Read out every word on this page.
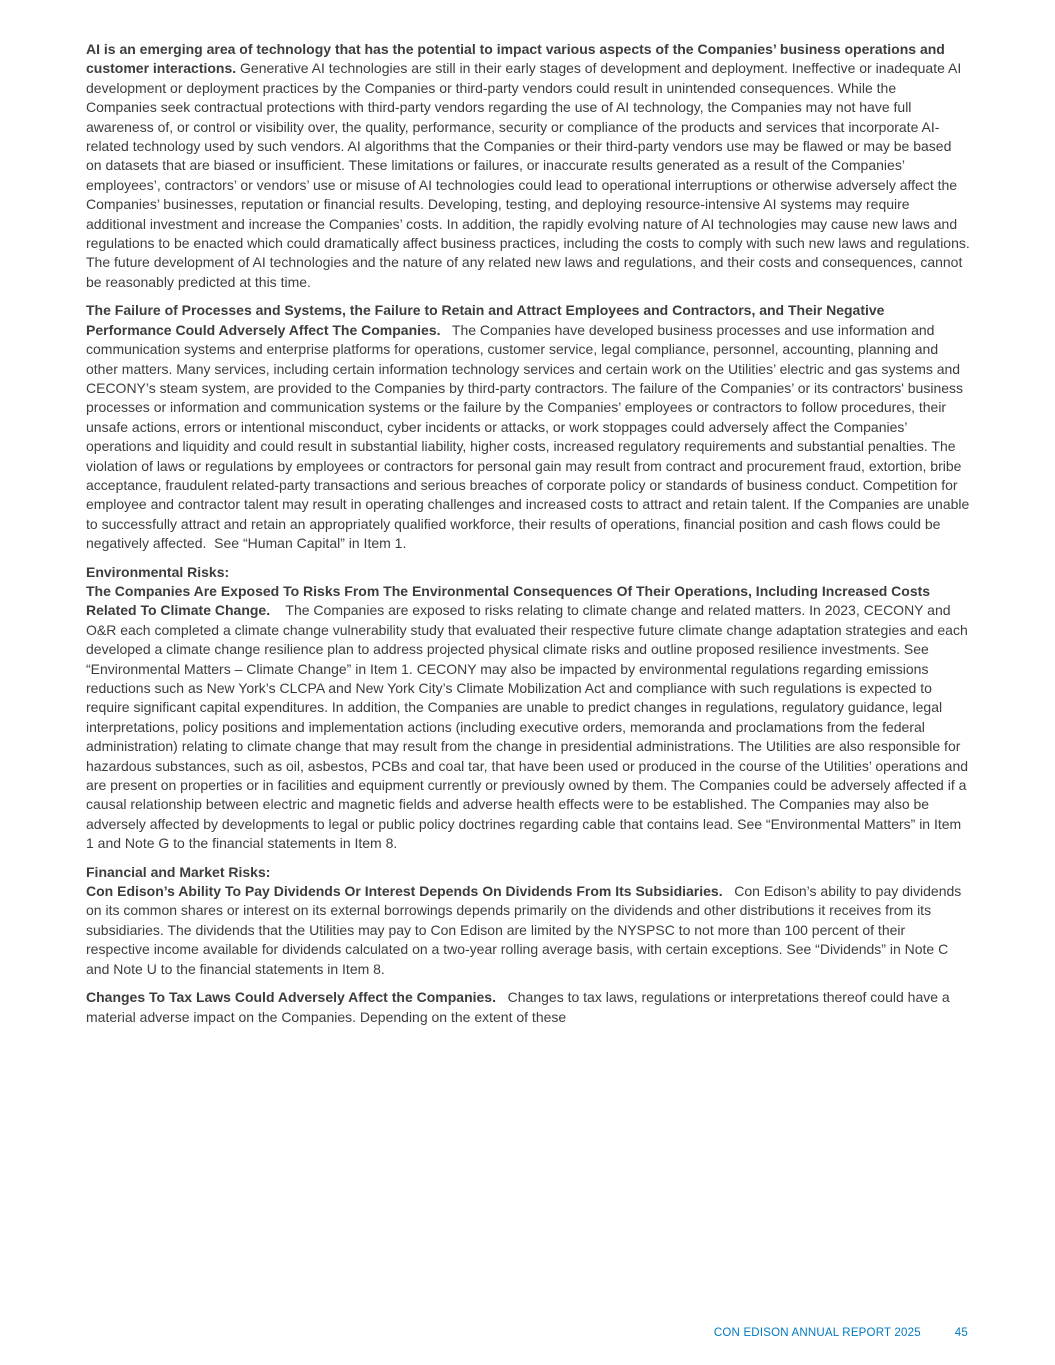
AI is an emerging area of technology that has the potential to impact various aspects of the Companies’ business operations and customer interactions. Generative AI technologies are still in their early stages of development and deployment. Ineffective or inadequate AI development or deployment practices by the Companies or third-party vendors could result in unintended consequences. While the Companies seek contractual protections with third-party vendors regarding the use of AI technology, the Companies may not have full awareness of, or control or visibility over, the quality, performance, security or compliance of the products and services that incorporate AI-related technology used by such vendors. AI algorithms that the Companies or their third-party vendors use may be flawed or may be based on datasets that are biased or insufficient. These limitations or failures, or inaccurate results generated as a result of the Companies’ employees’, contractors’ or vendors’ use or misuse of AI technologies could lead to operational interruptions or otherwise adversely affect the Companies’ businesses, reputation or financial results. Developing, testing, and deploying resource-intensive AI systems may require additional investment and increase the Companies’ costs. In addition, the rapidly evolving nature of AI technologies may cause new laws and regulations to be enacted which could dramatically affect business practices, including the costs to comply with such new laws and regulations. The future development of AI technologies and the nature of any related new laws and regulations, and their costs and consequences, cannot be reasonably predicted at this time.

The Failure of Processes and Systems, the Failure to Retain and Attract Employees and Contractors, and Their Negative Performance Could Adversely Affect The Companies.   The Companies have developed business processes and use information and communication systems and enterprise platforms for operations, customer service, legal compliance, personnel, accounting, planning and other matters. Many services, including certain information technology services and certain work on the Utilities’ electric and gas systems and CECONY’s steam system, are provided to the Companies by third-party contractors. The failure of the Companies’ or its contractors' business processes or information and communication systems or the failure by the Companies’ employees or contractors to follow procedures, their unsafe actions, errors or intentional misconduct, cyber incidents or attacks, or work stoppages could adversely affect the Companies’ operations and liquidity and could result in substantial liability, higher costs, increased regulatory requirements and substantial penalties. The violation of laws or regulations by employees or contractors for personal gain may result from contract and procurement fraud, extortion, bribe acceptance, fraudulent related-party transactions and serious breaches of corporate policy or standards of business conduct. Competition for employee and contractor talent may result in operating challenges and increased costs to attract and retain talent. If the Companies are unable to successfully attract and retain an appropriately qualified workforce, their results of operations, financial position and cash flows could be negatively affected.  See “Human Capital” in Item 1.

Environmental Risks:

The Companies Are Exposed To Risks From The Environmental Consequences Of Their Operations, Including Increased Costs Related To Climate Change.    The Companies are exposed to risks relating to climate change and related matters. In 2023, CECONY and O&R each completed a climate change vulnerability study that evaluated their respective future climate change adaptation strategies and each developed a climate change resilience plan to address projected physical climate risks and outline proposed resilience investments. See “Environmental Matters – Climate Change” in Item 1. CECONY may also be impacted by environmental regulations regarding emissions reductions such as New York’s CLCPA and New York City’s Climate Mobilization Act and compliance with such regulations is expected to require significant capital expenditures. In addition, the Companies are unable to predict changes in regulations, regulatory guidance, legal interpretations, policy positions and implementation actions (including executive orders, memoranda and proclamations from the federal administration) relating to climate change that may result from the change in presidential administrations. The Utilities are also responsible for hazardous substances, such as oil, asbestos, PCBs and coal tar, that have been used or produced in the course of the Utilities’ operations and are present on properties or in facilities and equipment currently or previously owned by them. The Companies could be adversely affected if a causal relationship between electric and magnetic fields and adverse health effects were to be established. The Companies may also be adversely affected by developments to legal or public policy doctrines regarding cable that contains lead. See “Environmental Matters” in Item 1 and Note G to the financial statements in Item 8.

Financial and Market Risks:

Con Edison’s Ability To Pay Dividends Or Interest Depends On Dividends From Its Subsidiaries.   Con Edison’s ability to pay dividends on its common shares or interest on its external borrowings depends primarily on the dividends and other distributions it receives from its subsidiaries. The dividends that the Utilities may pay to Con Edison are limited by the NYSPSC to not more than 100 percent of their respective income available for dividends calculated on a two-year rolling average basis, with certain exceptions. See “Dividends” in Note C and Note U to the financial statements in Item 8.

Changes To Tax Laws Could Adversely Affect the Companies.   Changes to tax laws, regulations or interpretations thereof could have a material adverse impact on the Companies. Depending on the extent of these

CON EDISON ANNUAL REPORT 2025	45
